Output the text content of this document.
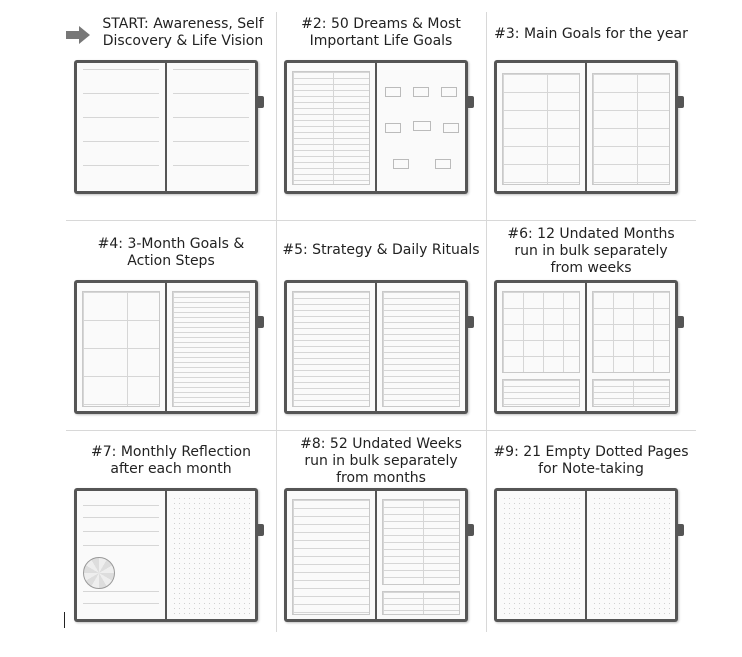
START: Awareness, Self
Discovery & Life Vision
#2: 50 Dreams & Most
Important Life Goals	#3: Main Goals for the year
#4: 3-Month Goals &
Action Steps
#5: Strategy & Daily Rituals
#6: 12 Undated Months
run in bulk separately
from weeks
#7: Monthly Reflection
after each month
#8: 52 Undated Weeks
run in bulk separately
from months
#9: 21 Empty Dotted Pages
for Note-taking
